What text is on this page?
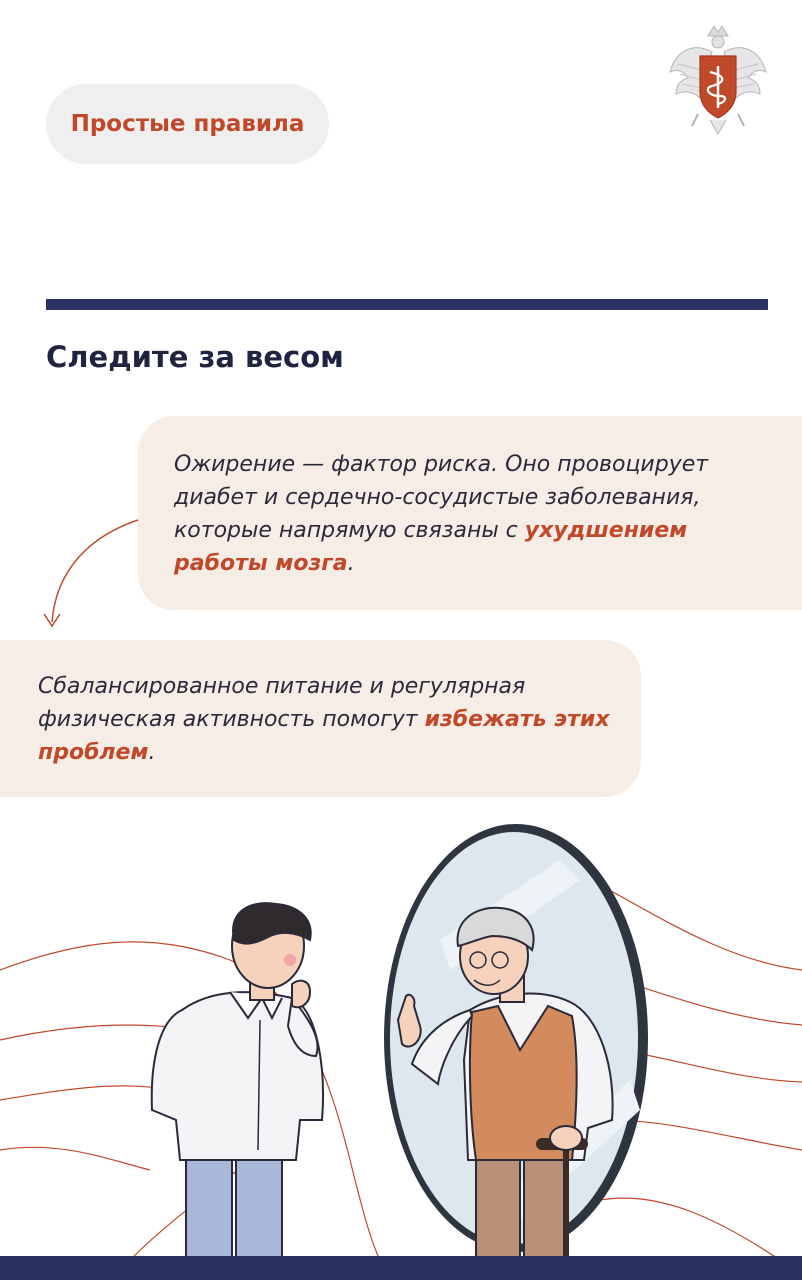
Простые правила
Следите за весом
Ожирение — фактор риска. Оно провоцирует диабет и сердечно-сосудистые заболевания, которые напрямую связаны с ухудшением работы мозга.
Сбалансированное питание и регулярная физическая активность помогут избежать этих проблем.
